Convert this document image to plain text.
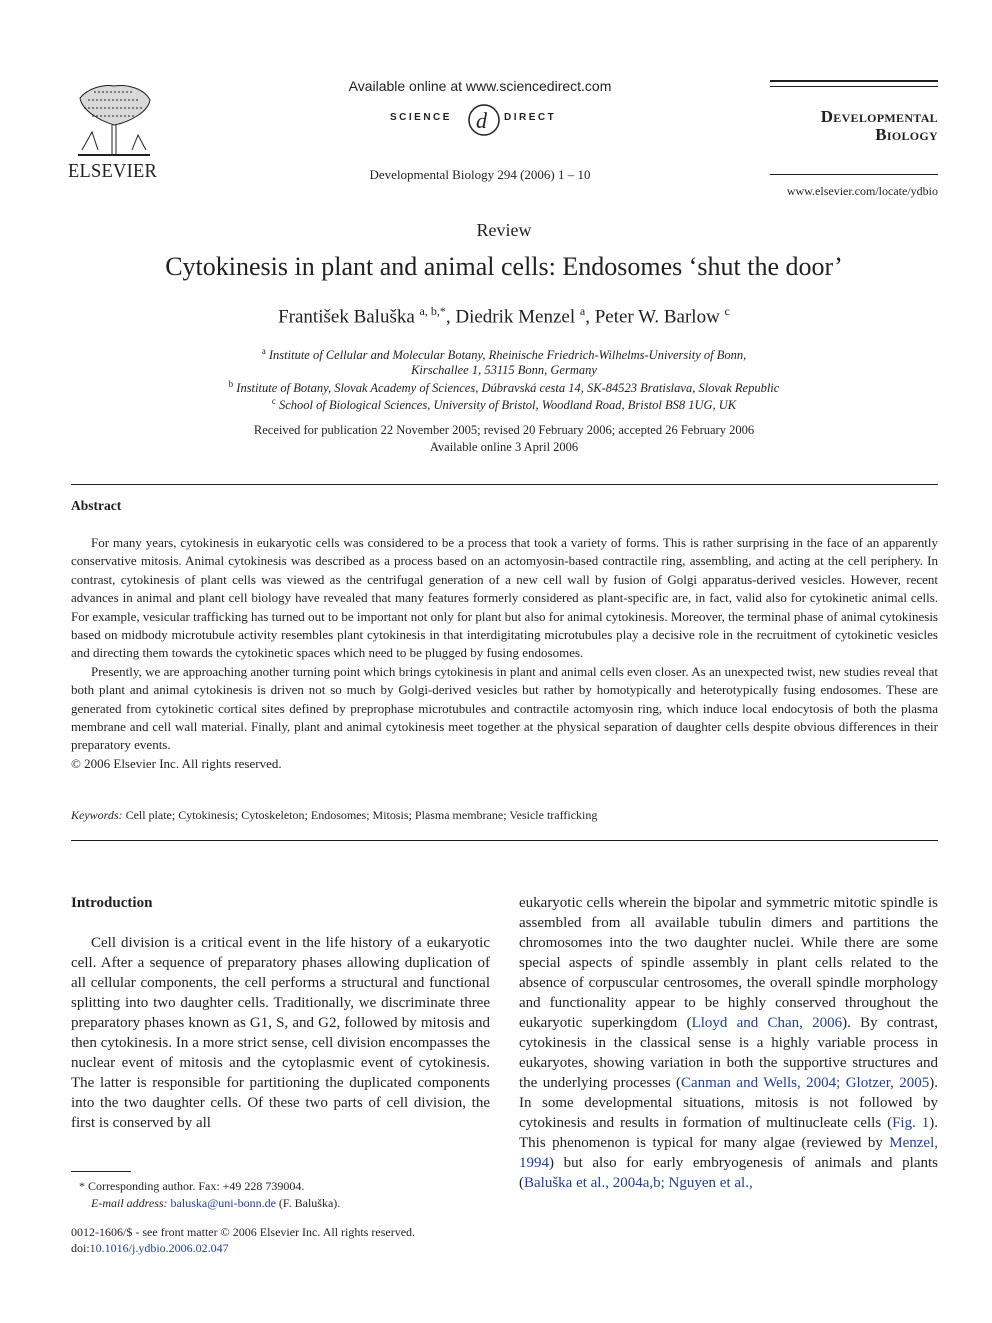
ELSEVIER
Available online at www.sciencedirect.com
SCIENCE d DIRECT
Developmental Biology 294 (2006) 1 – 10
Developmental
Biology
www.elsevier.com/locate/ydbio
Review
Cytokinesis in plant and animal cells: Endosomes ‘shut the door’
František Baluška $^{a, b,*}$, Diedrik Menzel $^a$, Peter W. Barlow $^c$
$^a$ Institute of Cellular and Molecular Botany, Rheinische Friedrich-Wilhelms-University of Bonn,
Kirschallee 1, 53115 Bonn, Germany
$^b$ Institute of Botany, Slovak Academy of Sciences, Dúbravská cesta 14, SK-84523 Bratislava, Slovak Republic
$^c$ School of Biological Sciences, University of Bristol, Woodland Road, Bristol BS8 1UG, UK
Received for publication 22 November 2005; revised 20 February 2006; accepted 26 February 2006
Available online 3 April 2006
Abstract

For many years, cytokinesis in eukaryotic cells was considered to be a process that took a variety of forms. This is rather surprising in the face of an apparently conservative mitosis. Animal cytokinesis was described as a process based on an actomyosin-based contractile ring, assembling, and acting at the cell periphery. In contrast, cytokinesis of plant cells was viewed as the centrifugal generation of a new cell wall by fusion of Golgi apparatus-derived vesicles. However, recent advances in animal and plant cell biology have revealed that many features formerly considered as plant-specific are, in fact, valid also for cytokinetic animal cells. For example, vesicular trafficking has turned out to be important not only for plant but also for animal cytokinesis. Moreover, the terminal phase of animal cytokinesis based on midbody microtubule activity resembles plant cytokinesis in that interdigitating microtubules play a decisive role in the recruitment of cytokinetic vesicles and directing them towards the cytokinetic spaces which need to be plugged by fusing endosomes.

Presently, we are approaching another turning point which brings cytokinesis in plant and animal cells even closer. As an unexpected twist, new studies reveal that both plant and animal cytokinesis is driven not so much by Golgi-derived vesicles but rather by homotypically and heterotypically fusing endosomes. These are generated from cytokinetic cortical sites defined by preprophase microtubules and contractile actomyosin ring, which induce local endocytosis of both the plasma membrane and cell wall material. Finally, plant and animal cytokinesis meet together at the physical separation of daughter cells despite obvious differences in their preparatory events.

© 2006 Elsevier Inc. All rights reserved.

Keywords: Cell plate; Cytokinesis; Cytoskeleton; Endosomes; Mitosis; Plasma membrane; Vesicle trafficking

Introduction

Cell division is a critical event in the life history of a eukaryotic cell. After a sequence of preparatory phases allowing duplication of all cellular components, the cell performs a structural and functional splitting into two daughter cells. Traditionally, we discriminate three preparatory phases known as G1, S, and G2, followed by mitosis and then cytokinesis. In a more strict sense, cell division encompasses the nuclear event of mitosis and the cytoplasmic event of cytokinesis. The latter is responsible for partitioning the duplicated components into the two daughter cells. Of these two parts of cell division, the first is conserved by all

eukaryotic cells wherein the bipolar and symmetric mitotic spindle is assembled from all available tubulin dimers and partitions the chromosomes into the two daughter nuclei. While there are some special aspects of spindle assembly in plant cells related to the absence of corpuscular centrosomes, the overall spindle morphology and functionality appear to be highly conserved throughout the eukaryotic superkingdom (Lloyd and Chan, 2006). By contrast, cytokinesis in the classical sense is a highly variable process in eukaryotes, showing variation in both the supportive structures and the underlying processes (Canman and Wells, 2004; Glotzer, 2005). In some developmental situations, mitosis is not followed by cytokinesis and results in formation of multinucleate cells (Fig. 1). This phenomenon is typical for many algae (reviewed by Menzel, 1994) but also for early embryogenesis of animals and plants (Baluška et al., 2004a,b; Nguyen et al.,

* Corresponding author. Fax: +49 228 739004.
E-mail address: baluska@uni-bonn.de (F. Baluška).
0012-1606/$ - see front matter © 2006 Elsevier Inc. All rights reserved.
doi:10.1016/j.ydbio.2006.02.047
